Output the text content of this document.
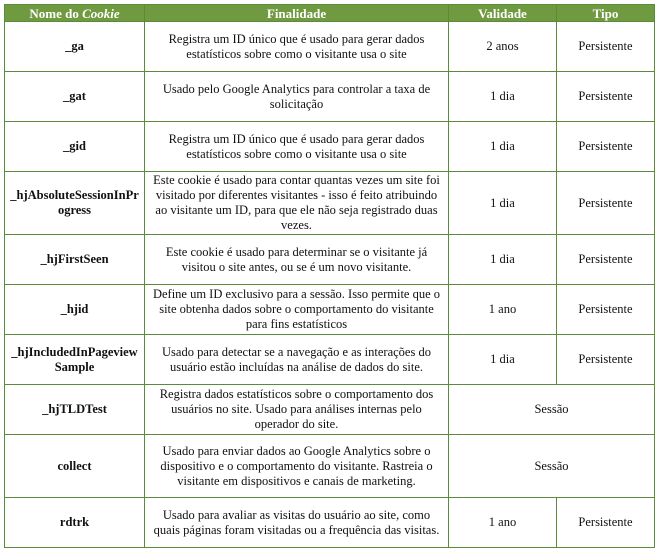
Nome do Cookie	Finalidade	Validade	Tipo
_ga	Registra um ID único que é usado para gerar dados estatísticos sobre como o visitante usa o site	2 anos	Persistente
_gat	Usado pelo Google Analytics para controlar a taxa de solicitação	1 dia	Persistente
_gid	Registra um ID único que é usado para gerar dados estatísticos sobre como o visitante usa o site	1 dia	Persistente
_hjAbsoluteSessionInProgress	Este cookie é usado para contar quantas vezes um site foi visitado por diferentes visitantes - isso é feito atribuindo ao visitante um ID, para que ele não seja registrado duas vezes.	1 dia	Persistente
_hjFirstSeen	Este cookie é usado para determinar se o visitante já visitou o site antes, ou se é um novo visitante.	1 dia	Persistente
_hjid	Define um ID exclusivo para a sessão. Isso permite que o site obtenha dados sobre o comportamento do visitante para fins estatísticos	1 ano	Persistente
_hjIncludedInPageviewSample	Usado para detectar se a navegação e as interações do usuário estão incluídas na análise de dados do site.	1 dia	Persistente
_hjTLDTest	Registra dados estatísticos sobre o comportamento dos usuários no site. Usado para análises internas pelo operador do site.	Sessão	
collect	Usado para enviar dados ao Google Analytics sobre o dispositivo e o comportamento do visitante. Rastreia o visitante em dispositivos e canais de marketing.	Sessão	
rdtrk	Usado para avaliar as visitas do usuário ao site, como quais páginas foram visitadas ou a frequência das visitas.	1 ano	Persistente
